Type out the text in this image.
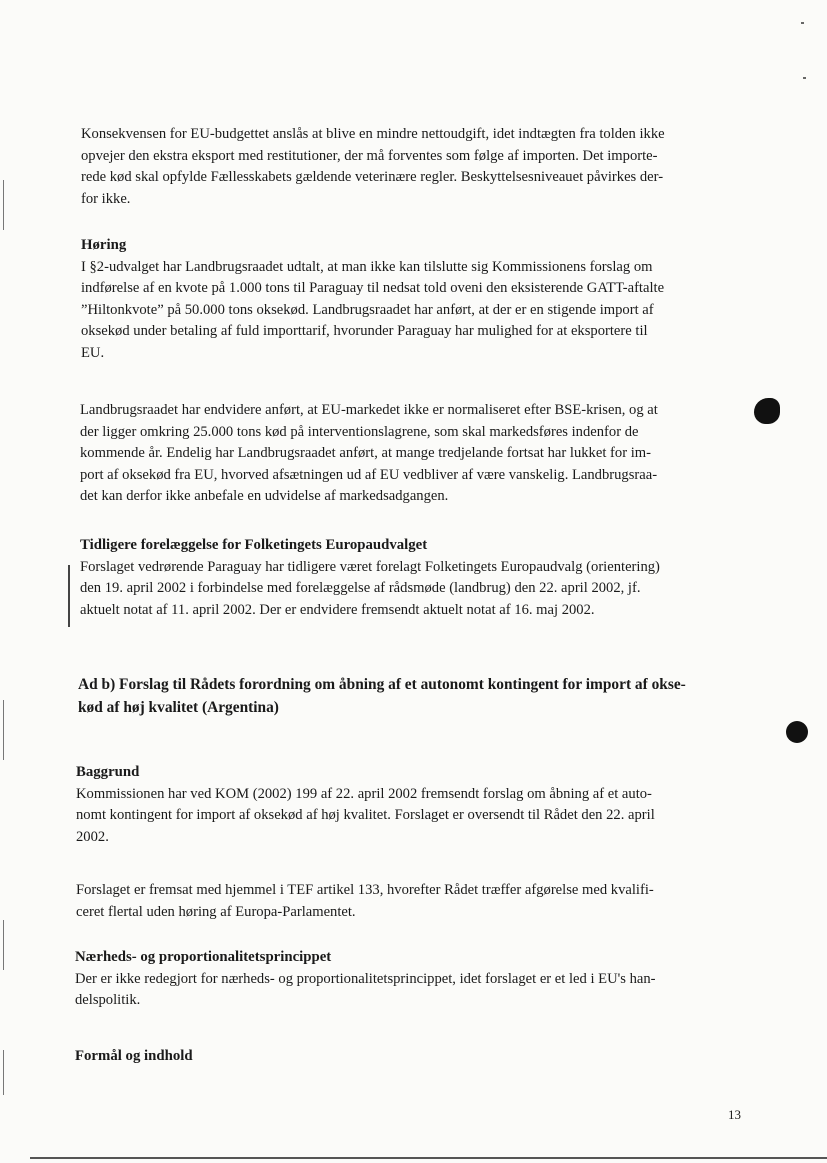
Konsekvensen for EU-budgettet anslås at blive en mindre nettoudgift, idet indtægten fra tolden ikke
opvejer den ekstra eksport med restitutioner, der må forventes som følge af importen. Det importe-
rede kød skal opfylde Fællesskabets gældende veterinære regler. Beskyttelsesniveauet påvirkes der-
for ikke.
Høring
I §2-udvalget har Landbrugsraadet udtalt, at man ikke kan tilslutte sig Kommissionens forslag om
indførelse af en kvote på 1.000 tons til Paraguay til nedsat told oveni den eksisterende GATT-aftalte
”Hiltonkvote” på 50.000 tons oksekød. Landbrugsraadet har anført, at der er en stigende import af
oksekød under betaling af fuld importtarif, hvorunder Paraguay har mulighed for at eksportere til
EU.
Landbrugsraadet har endvidere anført, at EU-markedet ikke er normaliseret efter BSE-krisen, og at
der ligger omkring 25.000 tons kød på interventionslagrene, som skal markedsføres indenfor de
kommende år. Endelig har Landbrugsraadet anført, at mange tredjelande fortsat har lukket for im-
port af oksekød fra EU, hvorved afsætningen ud af EU vedbliver af være vanskelig. Landbrugsraa-
det kan derfor ikke anbefale en udvidelse af markedsadgangen.
Tidligere forelæggelse for Folketingets Europaudvalget
Forslaget vedrørende Paraguay har tidligere været forelagt Folketingets Europaudvalg (orientering)
den 19. april 2002 i forbindelse med forelæggelse af rådsmøde (landbrug) den 22. april 2002, jf.
aktuelt notat af 11. april 2002. Der er endvidere fremsendt aktuelt notat af 16. maj 2002.
Ad b) Forslag til Rådets forordning om åbning af et autonomt kontingent for import af okse-
kød af høj kvalitet (Argentina)
Baggrund
Kommissionen har ved KOM (2002) 199 af 22. april 2002 fremsendt forslag om åbning af et auto-
nomt kontingent for import af oksekød af høj kvalitet. Forslaget er oversendt til Rådet den 22. april
2002.
Forslaget er fremsat med hjemmel i TEF artikel 133, hvorefter Rådet træffer afgørelse med kvalifi-
ceret flertal uden høring af Europa-Parlamentet.
Nærheds- og proportionalitetsprincippet
Der er ikke redegjort for nærheds- og proportionalitetsprincippet, idet forslaget er et led i EU's han-
delspolitik.
Formål og indhold
13
